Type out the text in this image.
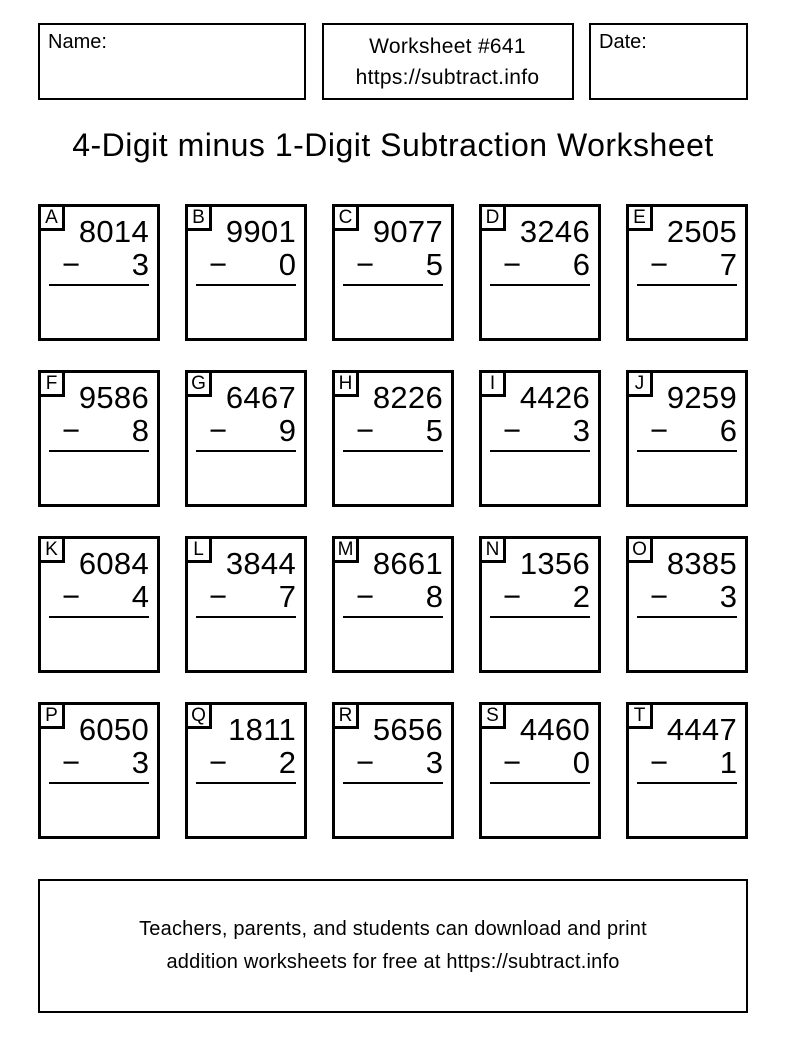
Name:	Worksheet #641
https://subtract.info
Date:
4-Digit minus 1-Digit Subtraction Worksheet
A 8014
− 3
B 9901
− 0
C 9077
− 5
D 3246
− 6
E 2505
− 7
F 9586
− 8
G 6467
− 9
H 8226
− 5
I 4426
− 3
J 9259
− 6
K 6084
− 4
L 3844
− 7
M 8661
− 8
N 1356
− 2
O 8385
− 3
P 6050
− 3
Q 1811
− 2
R 5656
− 3
S 4460
− 0
T 4447
− 1
Teachers, parents, and students can download and print
addition worksheets for free at https://subtract.info
